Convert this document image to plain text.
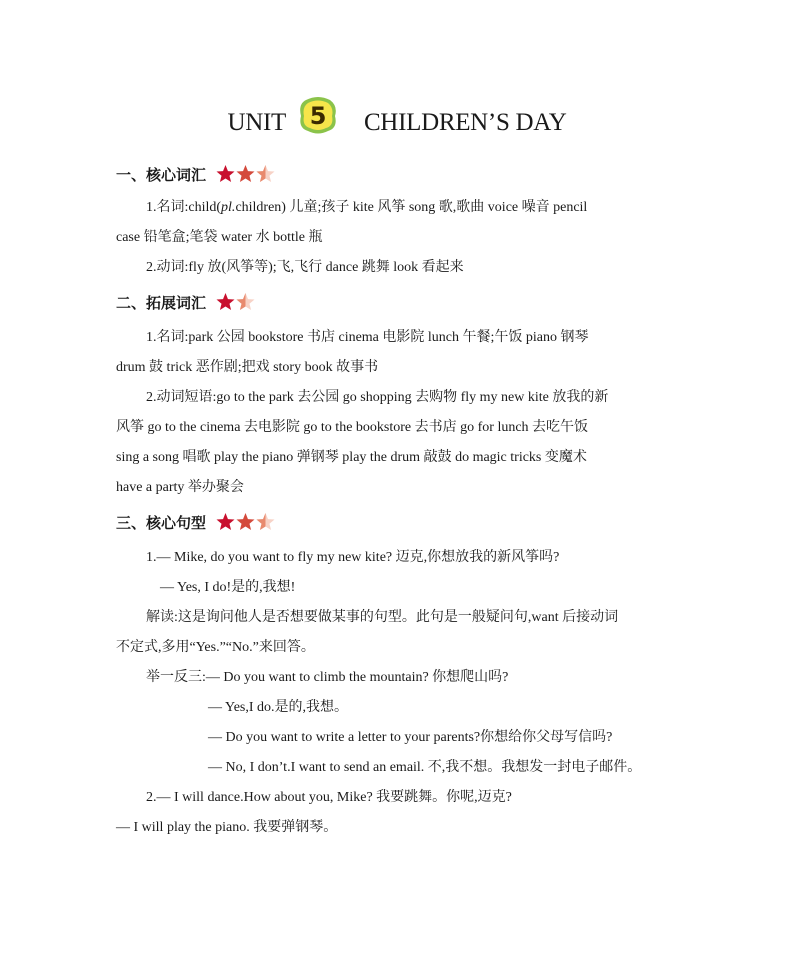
UNIT 5 CHILDREN’S DAY
一、核心词汇
1.名词:child(pl.children) 儿童;孩子 kite 风筝 song 歌,歌曲 voice 噪音 pencil
case 铅笔盒;笔袋 water 水 bottle 瓶
2.动词:fly 放(风筝等);飞,飞行 dance 跳舞 look 看起来
二、拓展词汇
1.名词:park 公园 bookstore 书店 cinema 电影院 lunch 午餐;午饭 piano 钢琴
drum 鼓 trick 恶作剧;把戏 story book 故事书
2.动词短语:go to the park 去公园 go shopping 去购物 fly my new kite 放我的新
风筝 go to the cinema 去电影院 go to the bookstore 去书店 go for lunch 去吃午饭
sing a song 唱歌 play the piano 弹钢琴 play the drum 敲鼓 do magic tricks 变魔术
have a party 举办聚会
三、核心句型
1.— Mike, do you want to fly my new kite? 迈克,你想放我的新风筝吗?
— Yes, I do!是的,我想!
解读:这是询问他人是否想要做某事的句型。此句是一般疑问句,want 后接动词
不定式,多用“Yes.”“No.”来回答。
举一反三:— Do you want to climb the mountain? 你想爬山吗?
— Yes,I do.是的,我想。
— Do you want to write a letter to your parents?你想给你父母写信吗?
— No, I don’t.I want to send an email. 不,我不想。我想发一封电子邮件。
2.— I will dance.How about you, Mike? 我要跳舞。你呢,迈克?
— I will play the piano. 我要弹钢琴。
